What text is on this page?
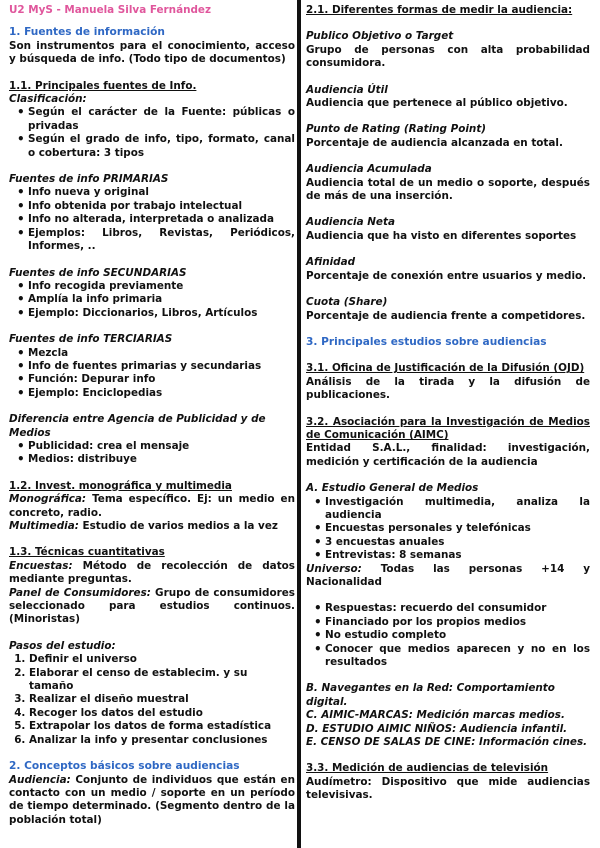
U2 MyS - Manuela Silva Fernández
1. Fuentes de información
Son instrumentos para el conocimiento, acceso y búsqueda de info. (Todo tipo de documentos)
1.1. Principales fuentes de Info.
Clasificación:
• Según el carácter de la Fuente: públicas o privadas
• Según el grado de info, tipo, formato, canal o cobertura: 3 tipos
Fuentes de info PRIMARIAS
• Info nueva y original
• Info obtenida por trabajo intelectual
• Info no alterada, interpretada o analizada
• Ejemplos: Libros, Revistas, Periódicos, Informes, ..
Fuentes de info SECUNDARIAS
• Info recogida previamente
• Amplía la info primaria
• Ejemplo: Diccionarios, Libros, Artículos
Fuentes de info TERCIARIAS
• Mezcla
• Info de fuentes primarias y secundarias
• Función: Depurar info
• Ejemplo: Enciclopedias
Diferencia entre Agencia de Publicidad y de Medios
• Publicidad: crea el mensaje
• Medios: distribuye
1.2. Invest. monográfica y multimedia
Monográfica: Tema específico. Ej: un medio en concreto, radio.
Multimedia: Estudio de varios medios a la vez
1.3. Técnicas cuantitativas
Encuestas: Método de recolección de datos mediante preguntas.
Panel de Consumidores: Grupo de consumidores seleccionado para estudios continuos. (Minoristas)
Pasos del estudio:
1. Definir el universo
2. Elaborar el censo de establecim. y su tamaño
3. Realizar el diseño muestral
4. Recoger los datos del estudio
5. Extrapolar los datos de forma estadística
6. Analizar la info y presentar conclusiones
2. Conceptos básicos sobre audiencias
Audiencia: Conjunto de individuos que están en contacto con un medio / soporte en un período de tiempo determinado. (Segmento dentro de la población total)
2.1. Diferentes formas de medir la audiencia:
Publico Objetivo o Target
Grupo de personas con alta probabilidad consumidora.
Audiencia Útil
Audiencia que pertenece al público objetivo.
Punto de Rating (Rating Point)
Porcentaje de audiencia alcanzada en total.
Audiencia Acumulada
Audiencia total de un medio o soporte, después de más de una inserción.
Audiencia Neta
Audiencia que ha visto en diferentes soportes
Afinidad
Porcentaje de conexión entre usuarios y medio.
Cuota (Share)
Porcentaje de audiencia frente a competidores.
3. Principales estudios sobre audiencias
3.1. Oficina de Justificación de la Difusión (OJD)
Análisis de la tirada y la difusión de publicaciones.
3.2. Asociación para la Investigación de Medios de Comunicación (AIMC)
Entidad S.A.L., finalidad: investigación, medición y certificación de la audiencia
A. Estudio General de Medios
• Investigación multimedia, analiza la audiencia
• Encuestas personales y telefónicas
• 3 encuestas anuales
• Entrevistas: 8 semanas
Universo: Todas las personas +14 y Nacionalidad
• Respuestas: recuerdo del consumidor
• Financiado por los propios medios
• No estudio completo
• Conocer que medios aparecen y no en los resultados
B. Navegantes en la Red: Comportamiento digital.
C. AIMIC-MARCAS: Medición marcas medios.
D. ESTUDIO AIMIC NIÑOS: Audiencia infantil.
E. CENSO DE SALAS DE CINE: Información cines.
3.3. Medición de audiencias de televisión
Audímetro: Dispositivo que mide audiencias televisivas.
